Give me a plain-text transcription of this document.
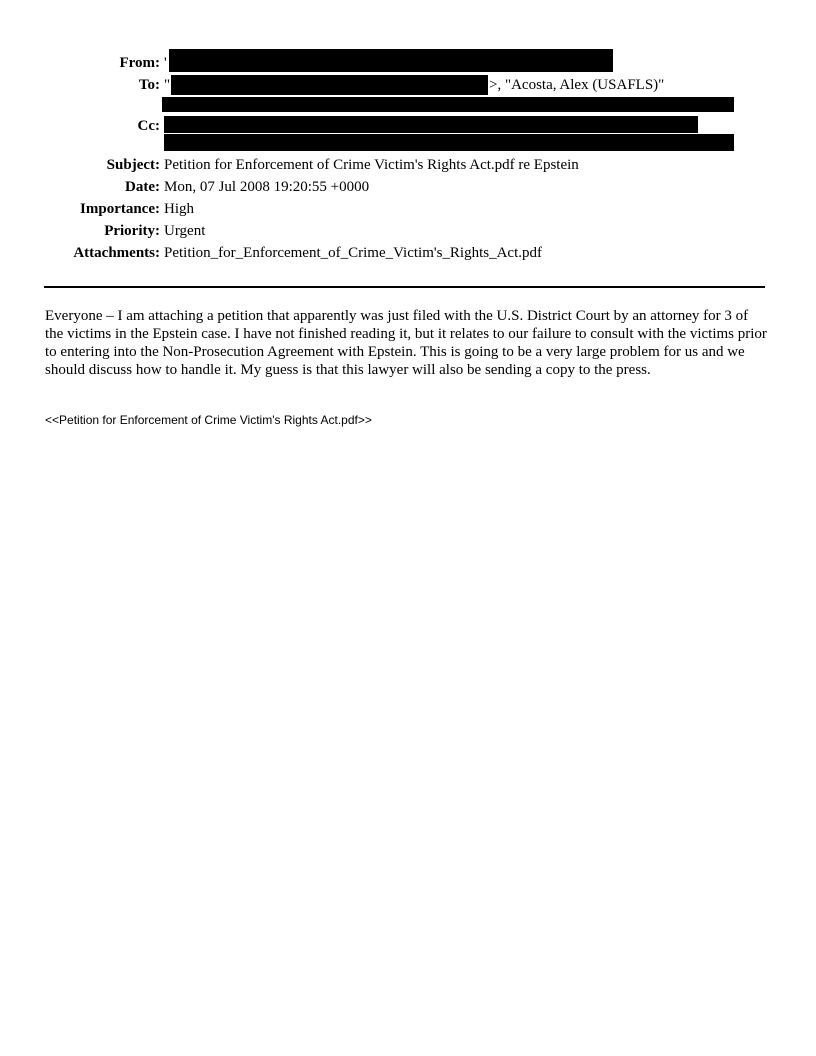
From: '
To: "	>, "Acosta, Alex (USAFLS)"
Cc:
Subject: Petition for Enforcement of Crime Victim's Rights Act.pdf re Epstein
Date: Mon, 07 Jul 2008 19:20:55 +0000
Importance: High
Priority: Urgent
Attachments: Petition_for_Enforcement_of_Crime_Victim's_Rights_Act.pdf

Everyone – I am attaching a petition that apparently was just filed with the U.S. District Court by an attorney for 3 of the victims in the Epstein case. I have not finished reading it, but it relates to our failure to consult with the victims prior to entering into the Non-Prosecution Agreement with Epstein. This is going to be a very large problem for us and we should discuss how to handle it. My guess is that this lawyer will also be sending a copy to the press.

<<Petition for Enforcement of Crime Victim's Rights Act.pdf>>
